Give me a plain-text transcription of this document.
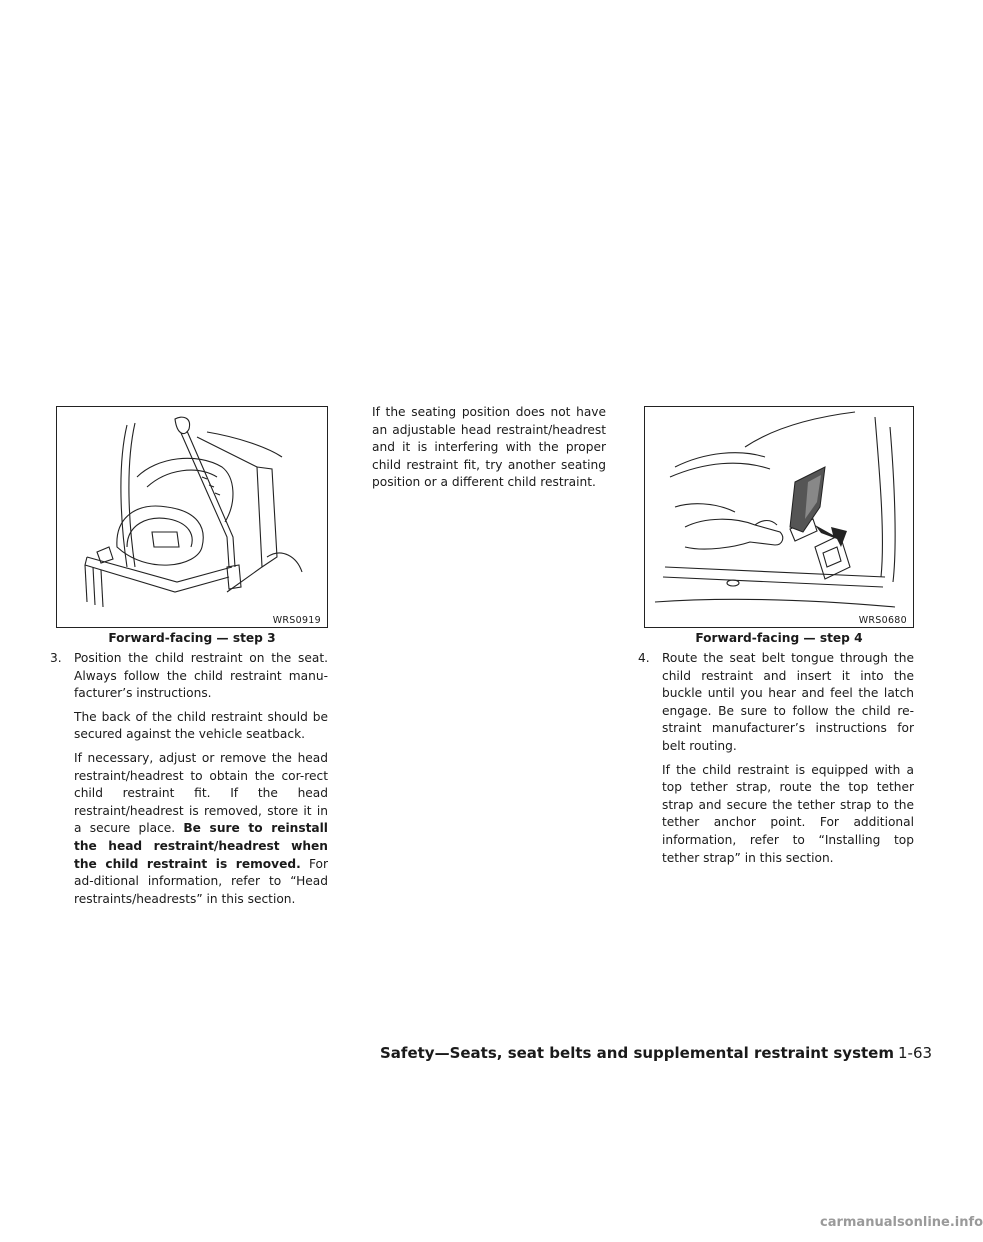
WRS0919
Forward-facing — step 3

3. Position the child restraint on the seat. Always follow the child restraint manu-facturer’s instructions.

The back of the child restraint should be secured against the vehicle seatback.

If necessary, adjust or remove the head restraint/headrest to obtain the cor-rect child restraint fit. If the head restraint/headrest is removed, store it in a secure place. Be sure to reinstall the head restraint/headrest when the child restraint is removed. For ad-ditional information, refer to “Head restraints/headrests” in this section.

If the seating position does not have an adjustable head restraint/headrest and it is interfering with the proper child restraint fit, try another seating position or a different child restraint.

WRS0680
Forward-facing — step 4

4. Route the seat belt tongue through the child restraint and insert it into the buckle until you hear and feel the latch engage. Be sure to follow the child re-straint manufacturer’s instructions for belt routing.

If the child restraint is equipped with a top tether strap, route the top tether strap and secure the tether strap to the tether anchor point. For additional information, refer to “Installing top tether strap” in this section.

Safety—Seats, seat belts and supplemental restraint system 1-63
carmanualsonline.info
